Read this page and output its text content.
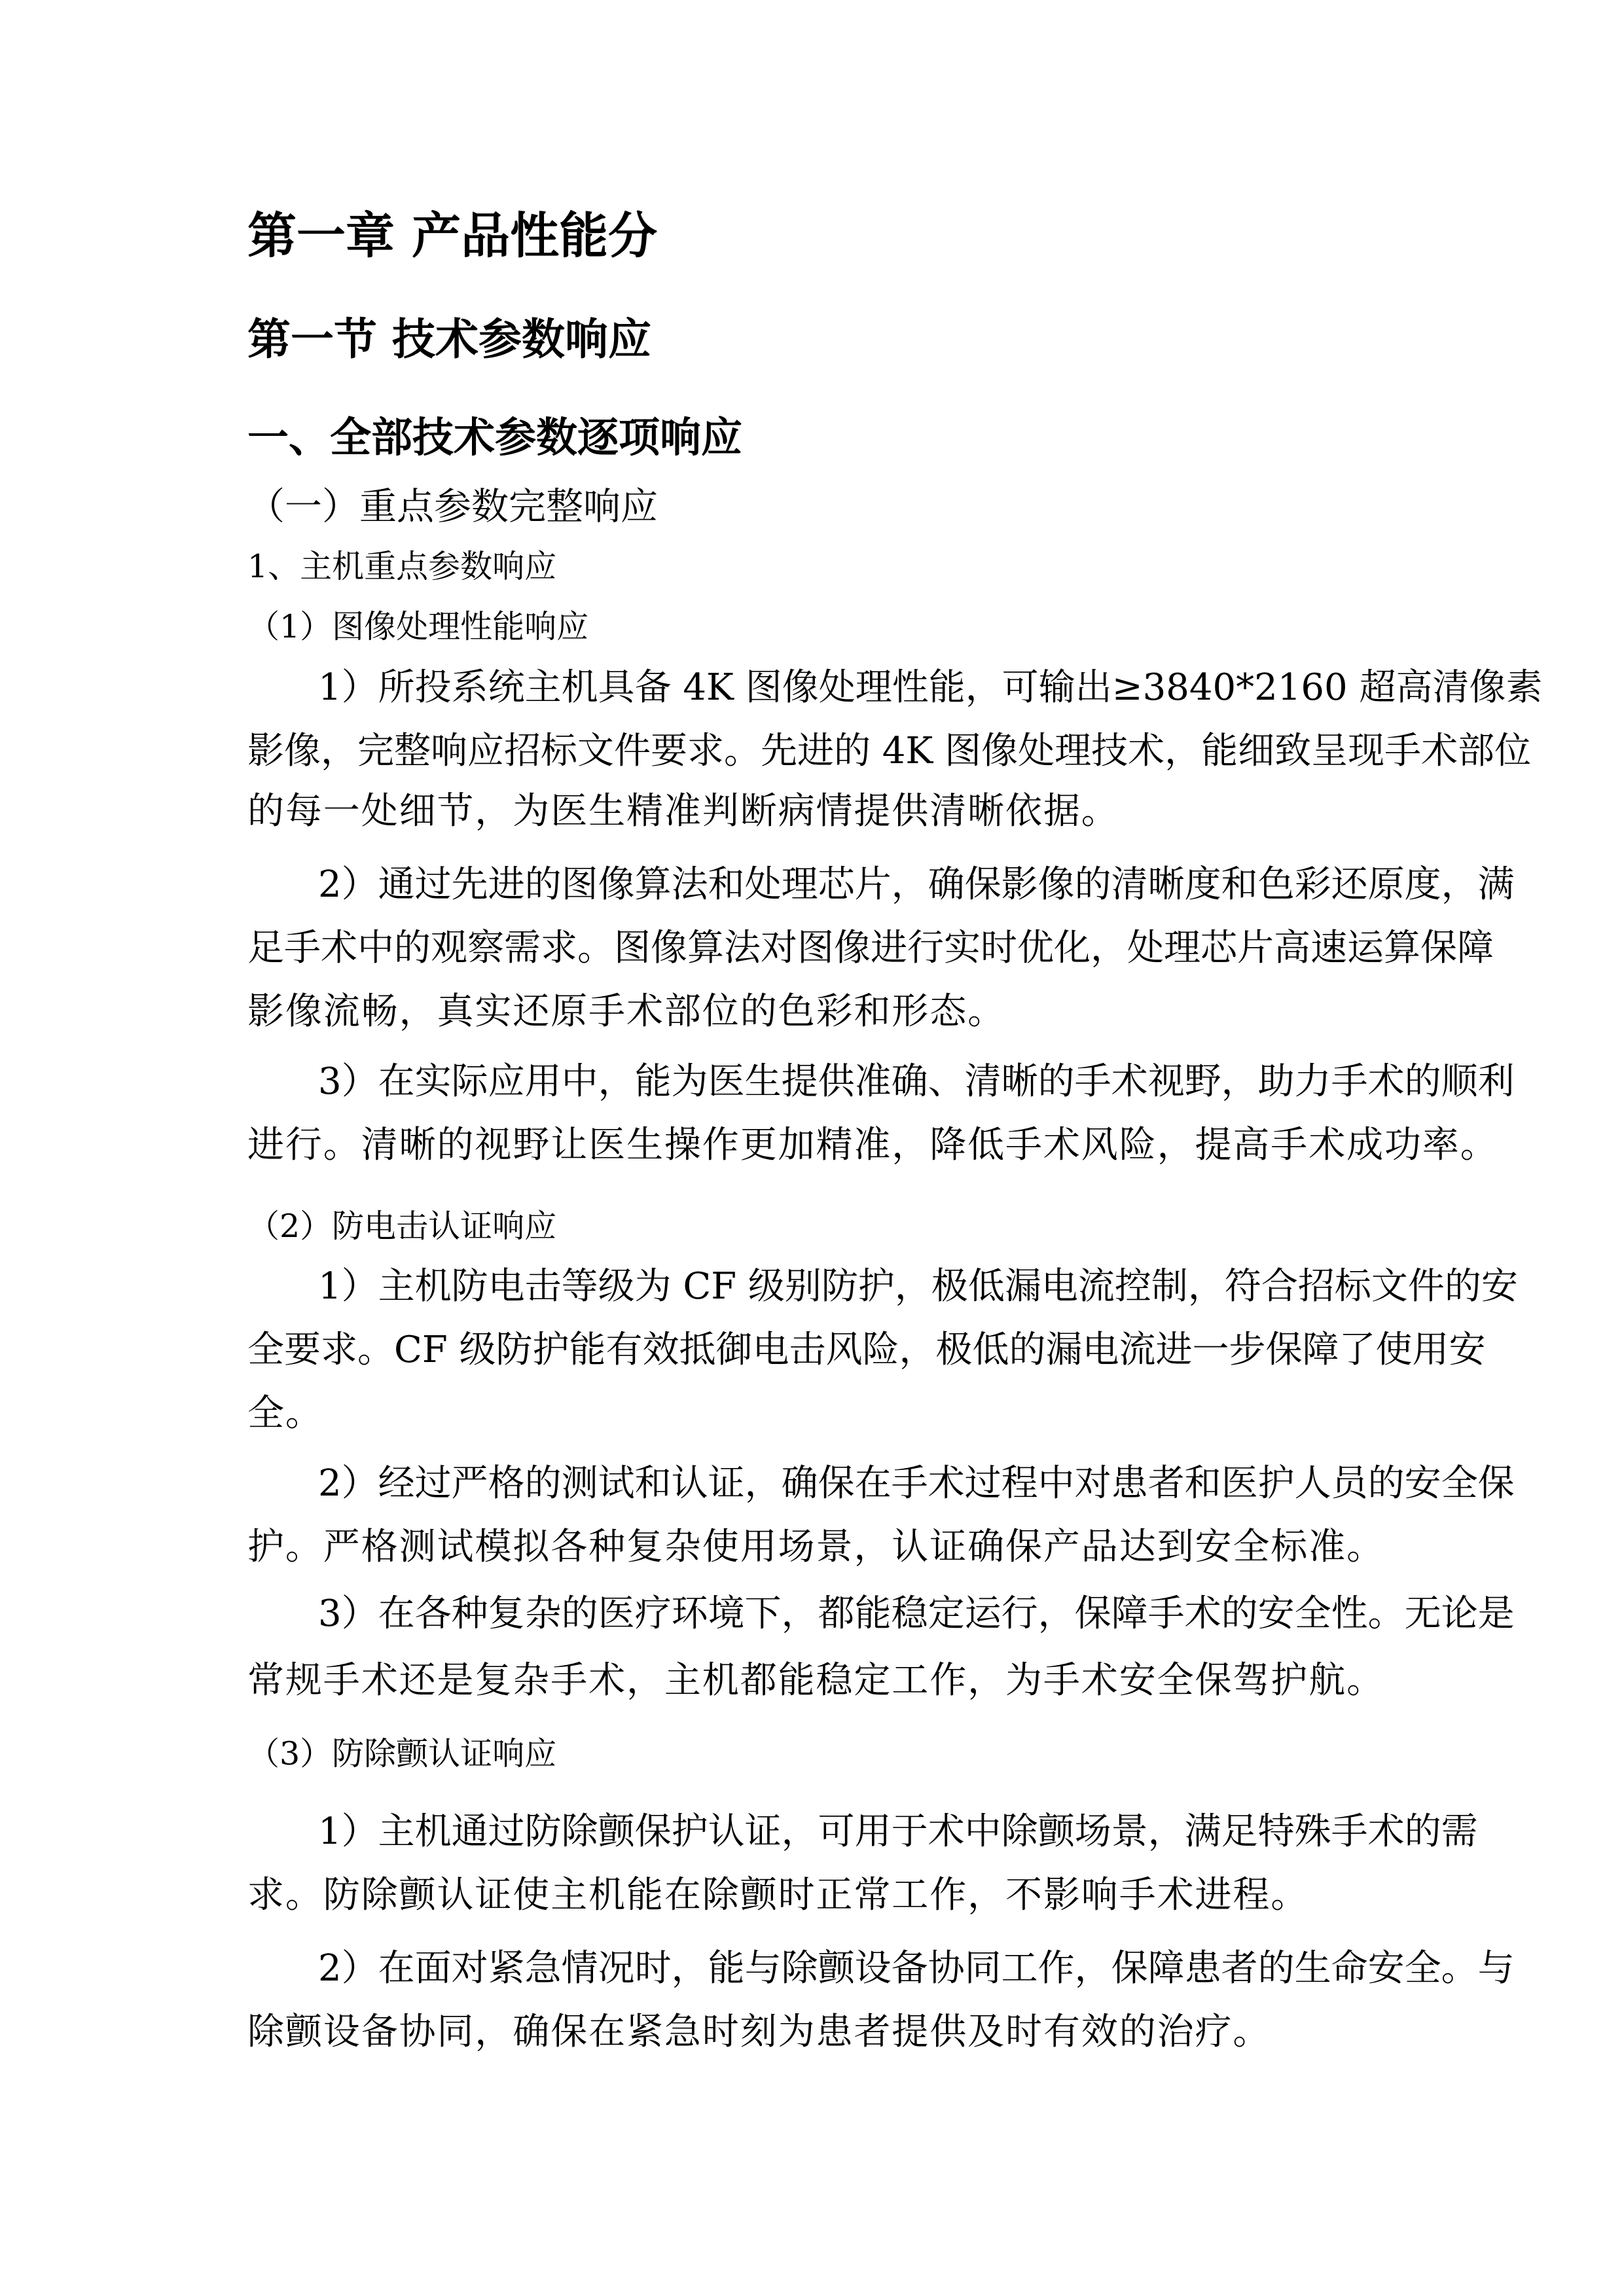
第一章 产品性能分
第一节 技术参数响应
一、全部技术参数逐项响应
（一）重点参数完整响应
1、主机重点参数响应
（1）图像处理性能响应
1）所投系统主机具备 4K 图像处理性能，可输出≥3840*2160 超高清像素
影像，完整响应招标文件要求。先进的 4K 图像处理技术，能细致呈现手术部位
的每一处细节，为医生精准判断病情提供清晰依据。
2）通过先进的图像算法和处理芯片，确保影像的清晰度和色彩还原度，满
足手术中的观察需求。图像算法对图像进行实时优化，处理芯片高速运算保障
影像流畅，真实还原手术部位的色彩和形态。
3）在实际应用中，能为医生提供准确、清晰的手术视野，助力手术的顺利
进行。清晰的视野让医生操作更加精准，降低手术风险，提高手术成功率。
（2）防电击认证响应
1）主机防电击等级为 CF 级别防护，极低漏电流控制，符合招标文件的安
全要求。CF 级防护能有效抵御电击风险，极低的漏电流进一步保障了使用安
全。
2）经过严格的测试和认证，确保在手术过程中对患者和医护人员的安全保
护。严格测试模拟各种复杂使用场景，认证确保产品达到安全标准。
3）在各种复杂的医疗环境下，都能稳定运行，保障手术的安全性。无论是
常规手术还是复杂手术，主机都能稳定工作，为手术安全保驾护航。
（3）防除颤认证响应
1）主机通过防除颤保护认证，可用于术中除颤场景，满足特殊手术的需
求。防除颤认证使主机能在除颤时正常工作，不影响手术进程。
2）在面对紧急情况时，能与除颤设备协同工作，保障患者的生命安全。与
除颤设备协同，确保在紧急时刻为患者提供及时有效的治疗。
